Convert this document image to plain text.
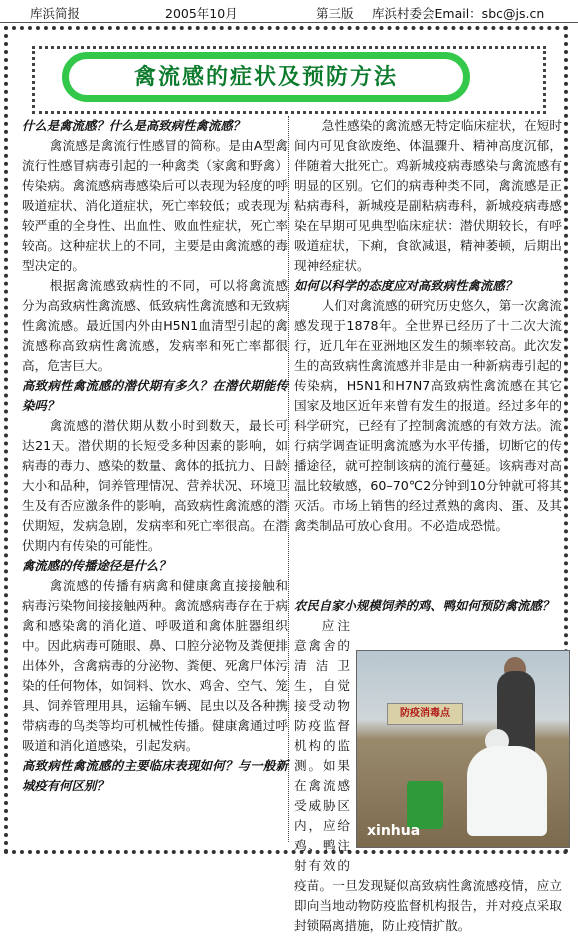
库浜简报	2005年10月	第三版 库浜村委会Email：sbc@js.cn
禽流感的症状及预防方法

什么是禽流感？什么是高致病性禽流感？

禽流感是禽流行性感冒的简称。是由A型禽流行性感冒病毒引起的一种禽类（家禽和野禽）传染病。禽流感病毒感染后可以表现为轻度的呼吸道症状、消化道症状，死亡率较低；或表现为较严重的全身性、出血性、败血性症状，死亡率较高。这种症状上的不同，主要是由禽流感的毒型决定的。

根据禽流感致病性的不同，可以将禽流感分为高致病性禽流感、低致病性禽流感和无致病性禽流感。最近国内外由H5N1血清型引起的禽流感称高致病性禽流感，发病率和死亡率都很高，危害巨大。

高致病性禽流感的潜伏期有多久？在潜伏期能传染吗？

禽流感的潜伏期从数小时到数天，最长可达21天。潜伏期的长短受多种因素的影响，如病毒的毒力、感染的数量、禽体的抵抗力、日龄大小和品种，饲养管理情况、营养状况、环境卫生及有否应激条件的影响，高致病性禽流感的潜伏期短，发病急剧，发病率和死亡率很高。在潜伏期内有传染的可能性。

禽流感的传播途径是什么？

禽流感的传播有病禽和健康禽直接接触和病毒污染物间接接触两种。禽流感病毒存在于病禽和感染禽的消化道、呼吸道和禽体脏器组织中。因此病毒可随眼、鼻、口腔分泌物及粪便排出体外，含禽病毒的分泌物、粪便、死禽尸体污染的任何物体，如饲料、饮水、鸡舍、空气、笼具、饲养管理用具，运输车辆、昆虫以及各种携带病毒的鸟类等均可机械性传播。健康禽通过呼吸道和消化道感染，引起发病。

高致病性禽流感的主要临床表现如何？与一般新城疫有何区别？

急性感染的禽流感无特定临床症状，在短时间内可见食欲废绝、体温骤升、精神高度沉郁，伴随着大批死亡。鸡新城疫病毒感染与禽流感有明显的区别。它们的病毒种类不同，禽流感是正粘病毒科，新城疫是副粘病毒科，新城疫病毒感染在早期可见典型临床症状：潜伏期较长，有呼吸道症状，下痢，食欲减退，精神萎顿，后期出现神经症状。

如何以科学的态度应对高致病性禽流感？

人们对禽流感的研究历史悠久，第一次禽流感发现于1878年。全世界已经历了十二次大流行，近几年在亚洲地区发生的频率较高。此次发生的高致病性禽流感并非是由一种新病毒引起的传染病，H5N1和H7N7高致病性禽流感在其它国家及地区近年来曾有发生的报道。经过多年的科学研究，已经有了控制禽流感的有效方法。流行病学调查证明禽流感为水平传播，切断它的传播途径，就可控制该病的流行蔓延。该病毒对高温比较敏感，60–70℃2分钟到10分钟就可将其灭活。市场上销售的经过煮熟的禽肉、蛋、及其禽类制品可放心食用。不必造成恐慌。

农民自家小规模饲养的鸡、鸭如何预防禽流感？

应注意禽舍的清洁卫生，自觉接受动物防疫监督机构的监测。如果在禽流感受威胁区内，应给鸡、鸭注射有效的疫苗。一旦发现疑似高致病性禽流感疫情，应立即向当地动物防疫监督机构报告，并对疫点采取封锁隔离措施，防止疫情扩散。

防疫消毒点
xinhua
